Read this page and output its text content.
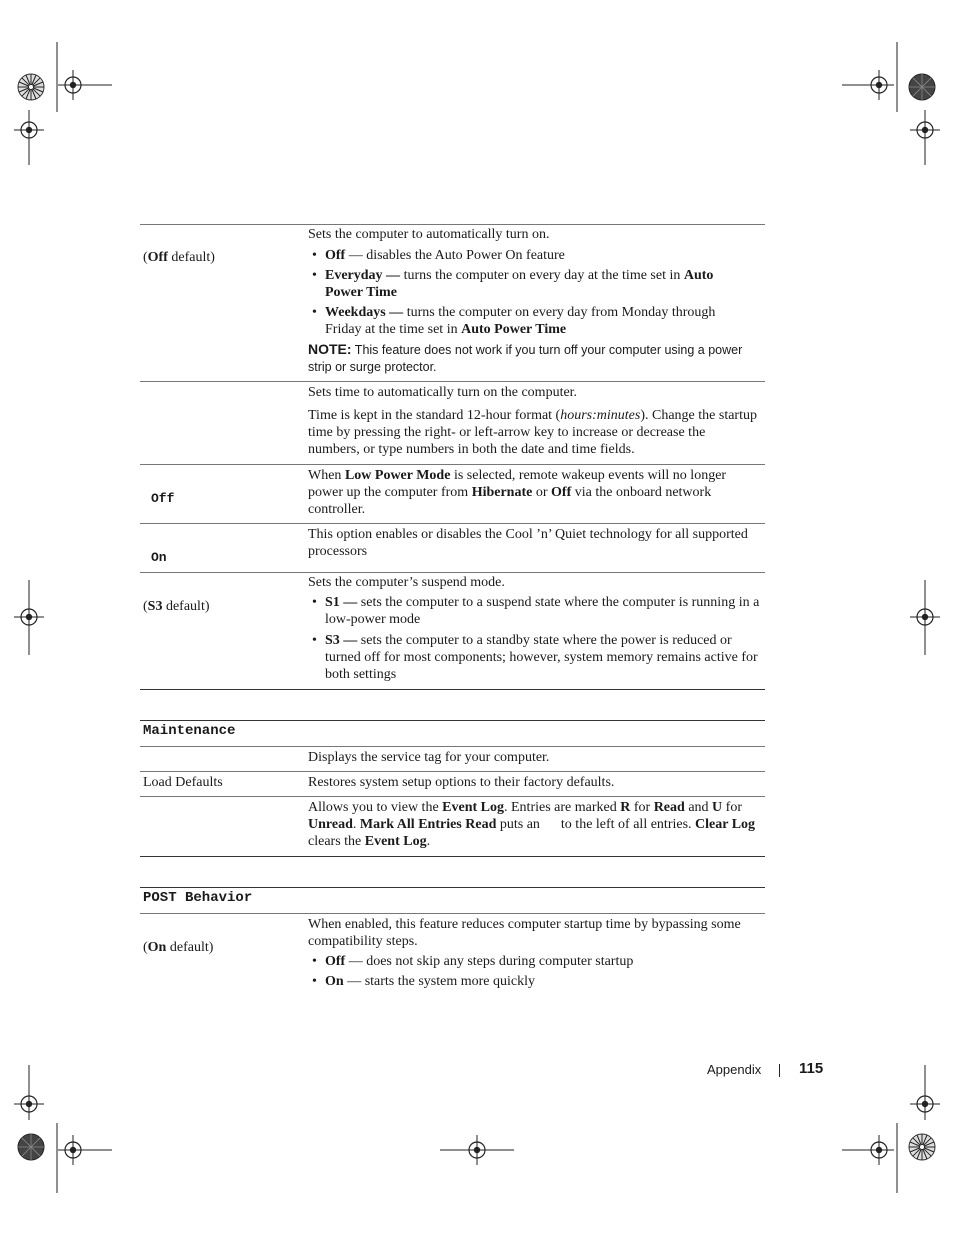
(Off default)
Sets the computer to automatically turn on.
• Off — disables the Auto Power On feature
• Everyday — turns the computer on every day at the time set in Auto Power Time
• Weekdays — turns the computer on every day from Monday through Friday at the time set in Auto Power Time
NOTE: This feature does not work if you turn off your computer using a power strip or surge protector.
Sets time to automatically turn on the computer.
Time is kept in the standard 12-hour format (hours:minutes). Change the startup time by pressing the right- or left-arrow key to increase or decrease the numbers, or type numbers in both the date and time fields.
Off
When Low Power Mode is selected, remote wakeup events will no longer power up the computer from Hibernate or Off via the onboard network controller.
On
This option enables or disables the Cool ’n’ Quiet technology for all supported processors
(S3 default)
Sets the computer’s suspend mode.
• S1 — sets the computer to a suspend state where the computer is running in a low-power mode
• S3 — sets the computer to a standby state where the power is reduced or turned off for most components; however, system memory remains active for both settings
Maintenance
Displays the service tag for your computer.
Load Defaults	Restores system setup options to their factory defaults.
Allows you to view the Event Log. Entries are marked R for Read and U for Unread. Mark All Entries Read puts an      to the left of all entries. Clear Log clears the Event Log.
POST Behavior
(On default)
When enabled, this feature reduces computer startup time by bypassing some compatibility steps.
• Off — does not skip any steps during computer startup
• On — starts the system more quickly
Appendix	115
